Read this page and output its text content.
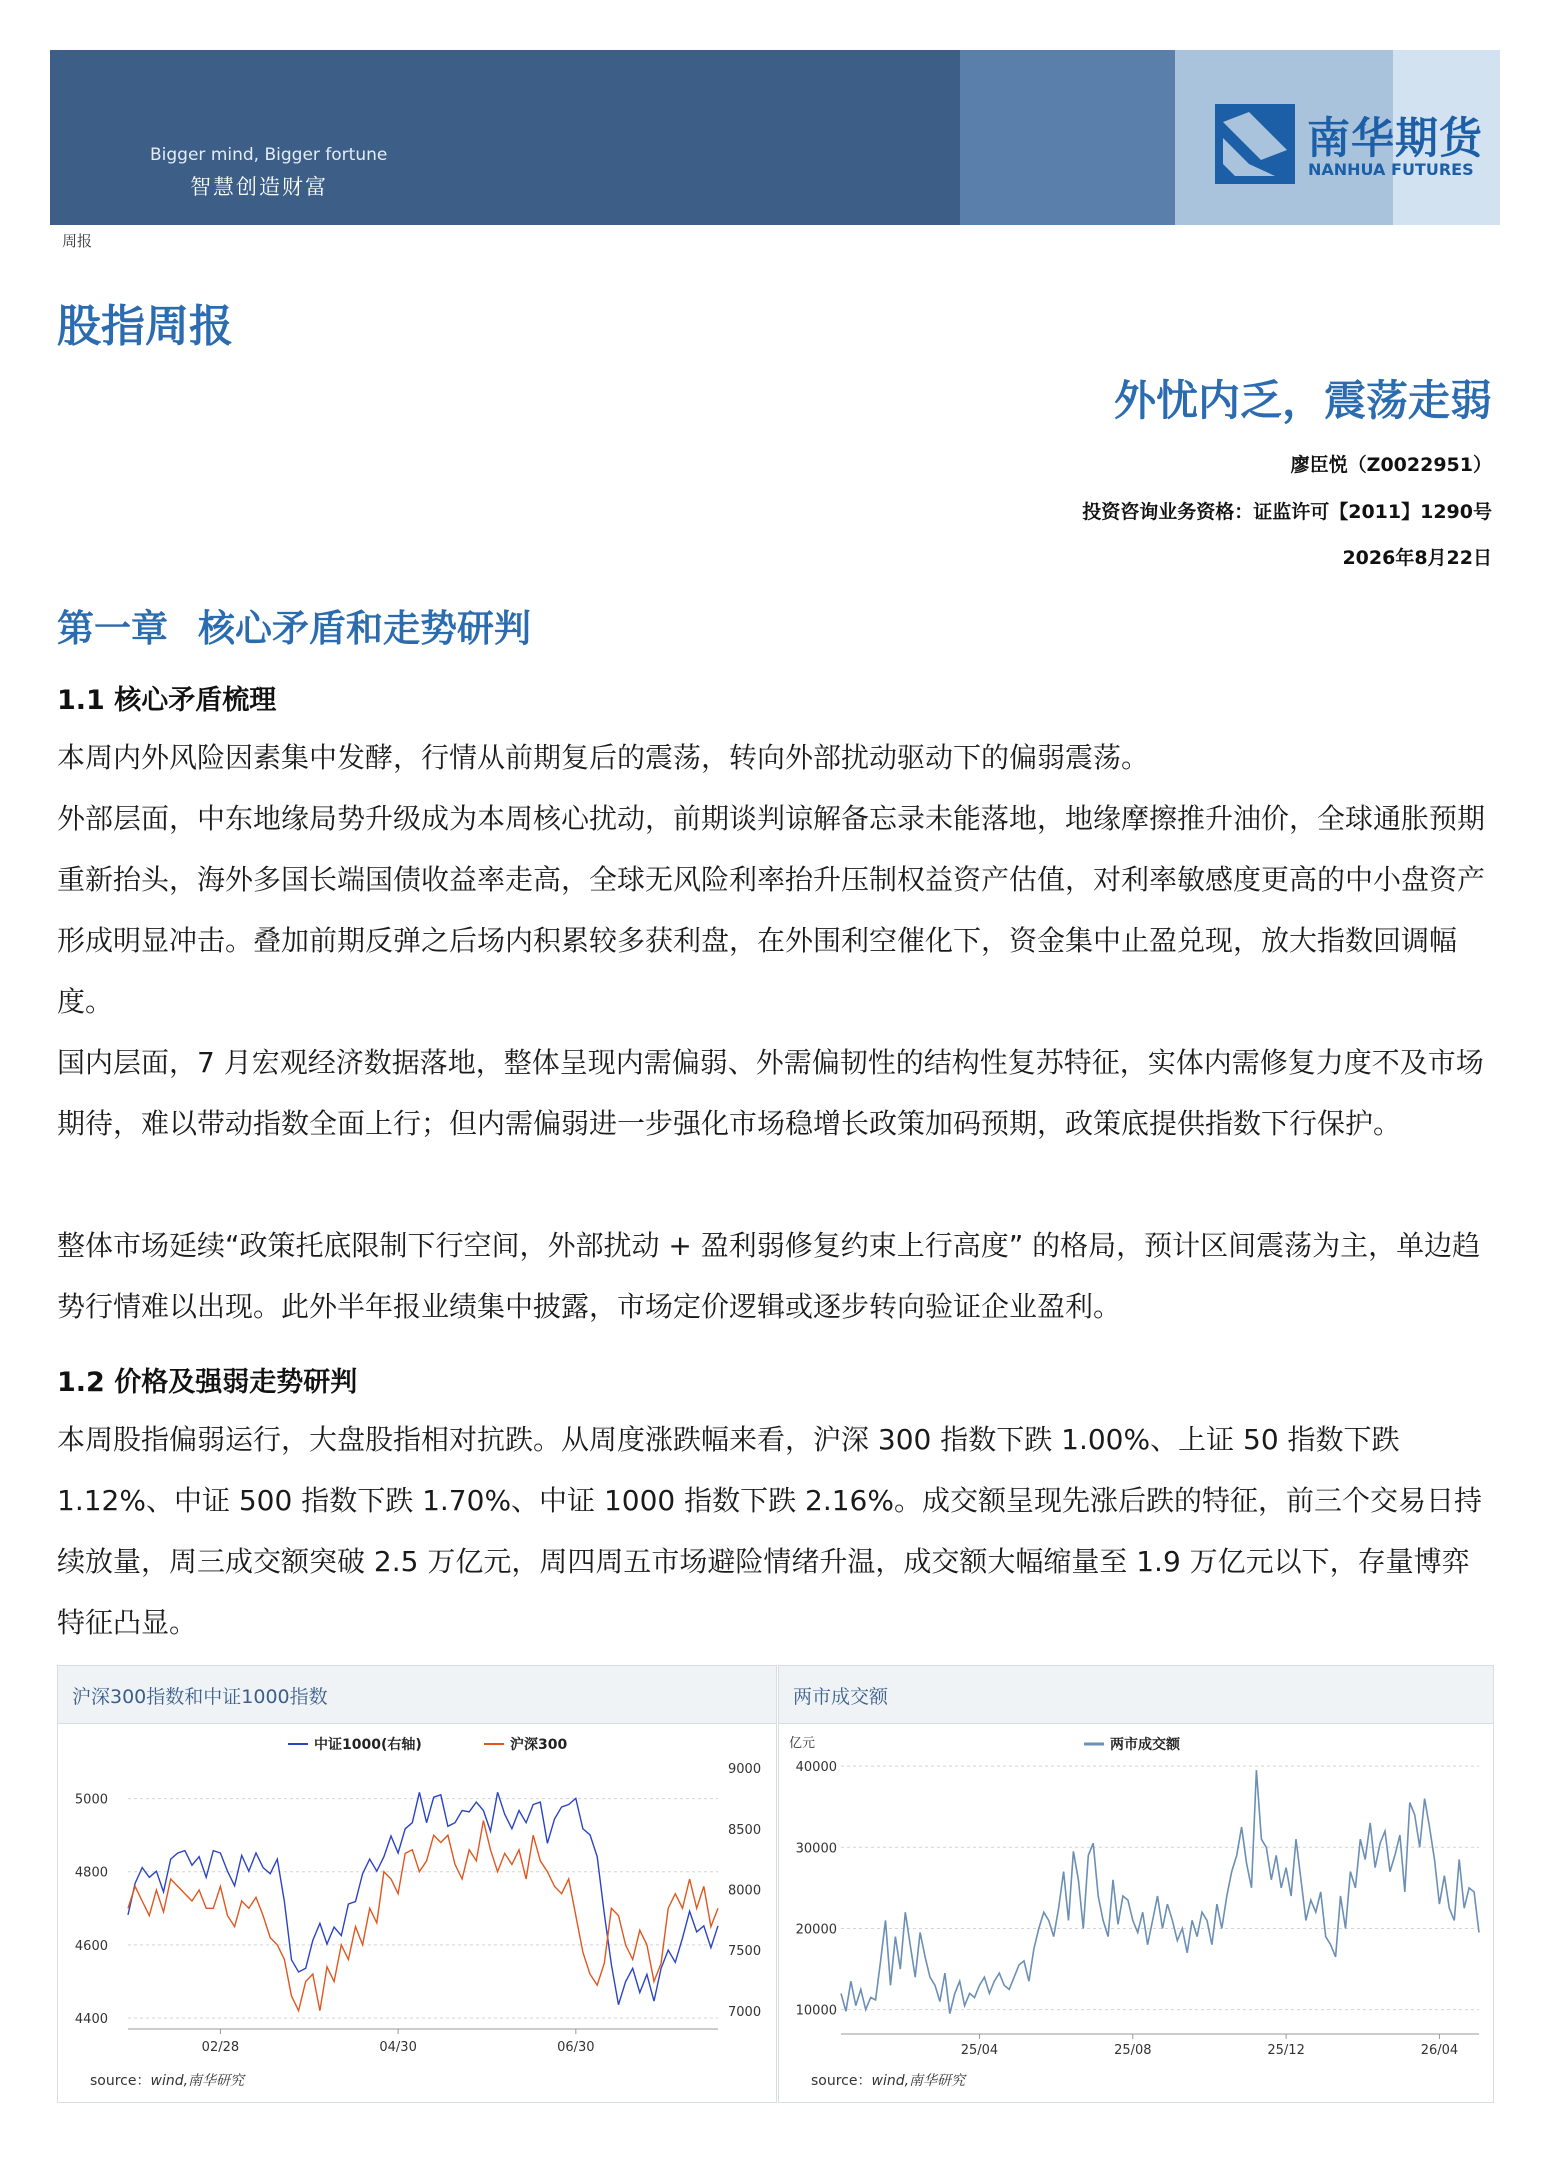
Bigger mind, Bigger fortune
智慧创造财富
南华期货
NANHUA FUTURES
周报
股指周报
外忧内乏，震荡走弱
廖臣悦（Z0022951）
投资咨询业务资格：证监许可【2011】1290号
2026年8月22日
第一章 核心矛盾和走势研判
1.1 核心矛盾梳理

本周内外风险因素集中发酵，行情从前期复后的震荡，转向外部扰动驱动下的偏弱震荡。

外部层面，中东地缘局势升级成为本周核心扰动，前期谈判谅解备忘录未能落地，地缘摩擦推升油价，全球通胀预期重新抬头，海外多国长端国债收益率走高，全球无风险利率抬升压制权益资产估值，对利率敏感度更高的中小盘资产形成明显冲击。叠加前期反弹之后场内积累较多获利盘，在外围利空催化下，资金集中止盈兑现，放大指数回调幅度。

国内层面，7 月宏观经济数据落地，整体呈现内需偏弱、外需偏韧性的结构性复苏特征，实体内需修复力度不及市场期待，难以带动指数全面上行；但内需偏弱进一步强化市场稳增长政策加码预期，政策底提供指数下行保护。

整体市场延续“政策托底限制下行空间，外部扰动 + 盈利弱修复约束上行高度” 的格局，预计区间震荡为主，单边趋势行情难以出现。此外半年报业绩集中披露，市场定价逻辑或逐步转向验证企业盈利。

1.2 价格及强弱走势研判

本周股指偏弱运行，大盘股指相对抗跌。从周度涨跌幅来看，沪深 300 指数下跌 1.00%、上证 50 指数下跌 1.12%、中证 500 指数下跌 1.70%、中证 1000 指数下跌 2.16%。成交额呈现先涨后跌的特征，前三个交易日持续放量，周三成交额突破 2.5 万亿元，周四周五市场避险情绪升温，成交额大幅缩量至 1.9 万亿元以下，存量博弈特征凸显。

沪深300指数和中证1000指数
5000
4800
4600
4400
9000
8500
8000
7500
7000
02/28	04/30	06/30
中证1000(右轴)	沪深300
source：wind,南华研究
两市成交额
亿元
40000
30000
20000
10000
25/04	25/08	25/12	26/04
两市成交额
source：wind,南华研究
